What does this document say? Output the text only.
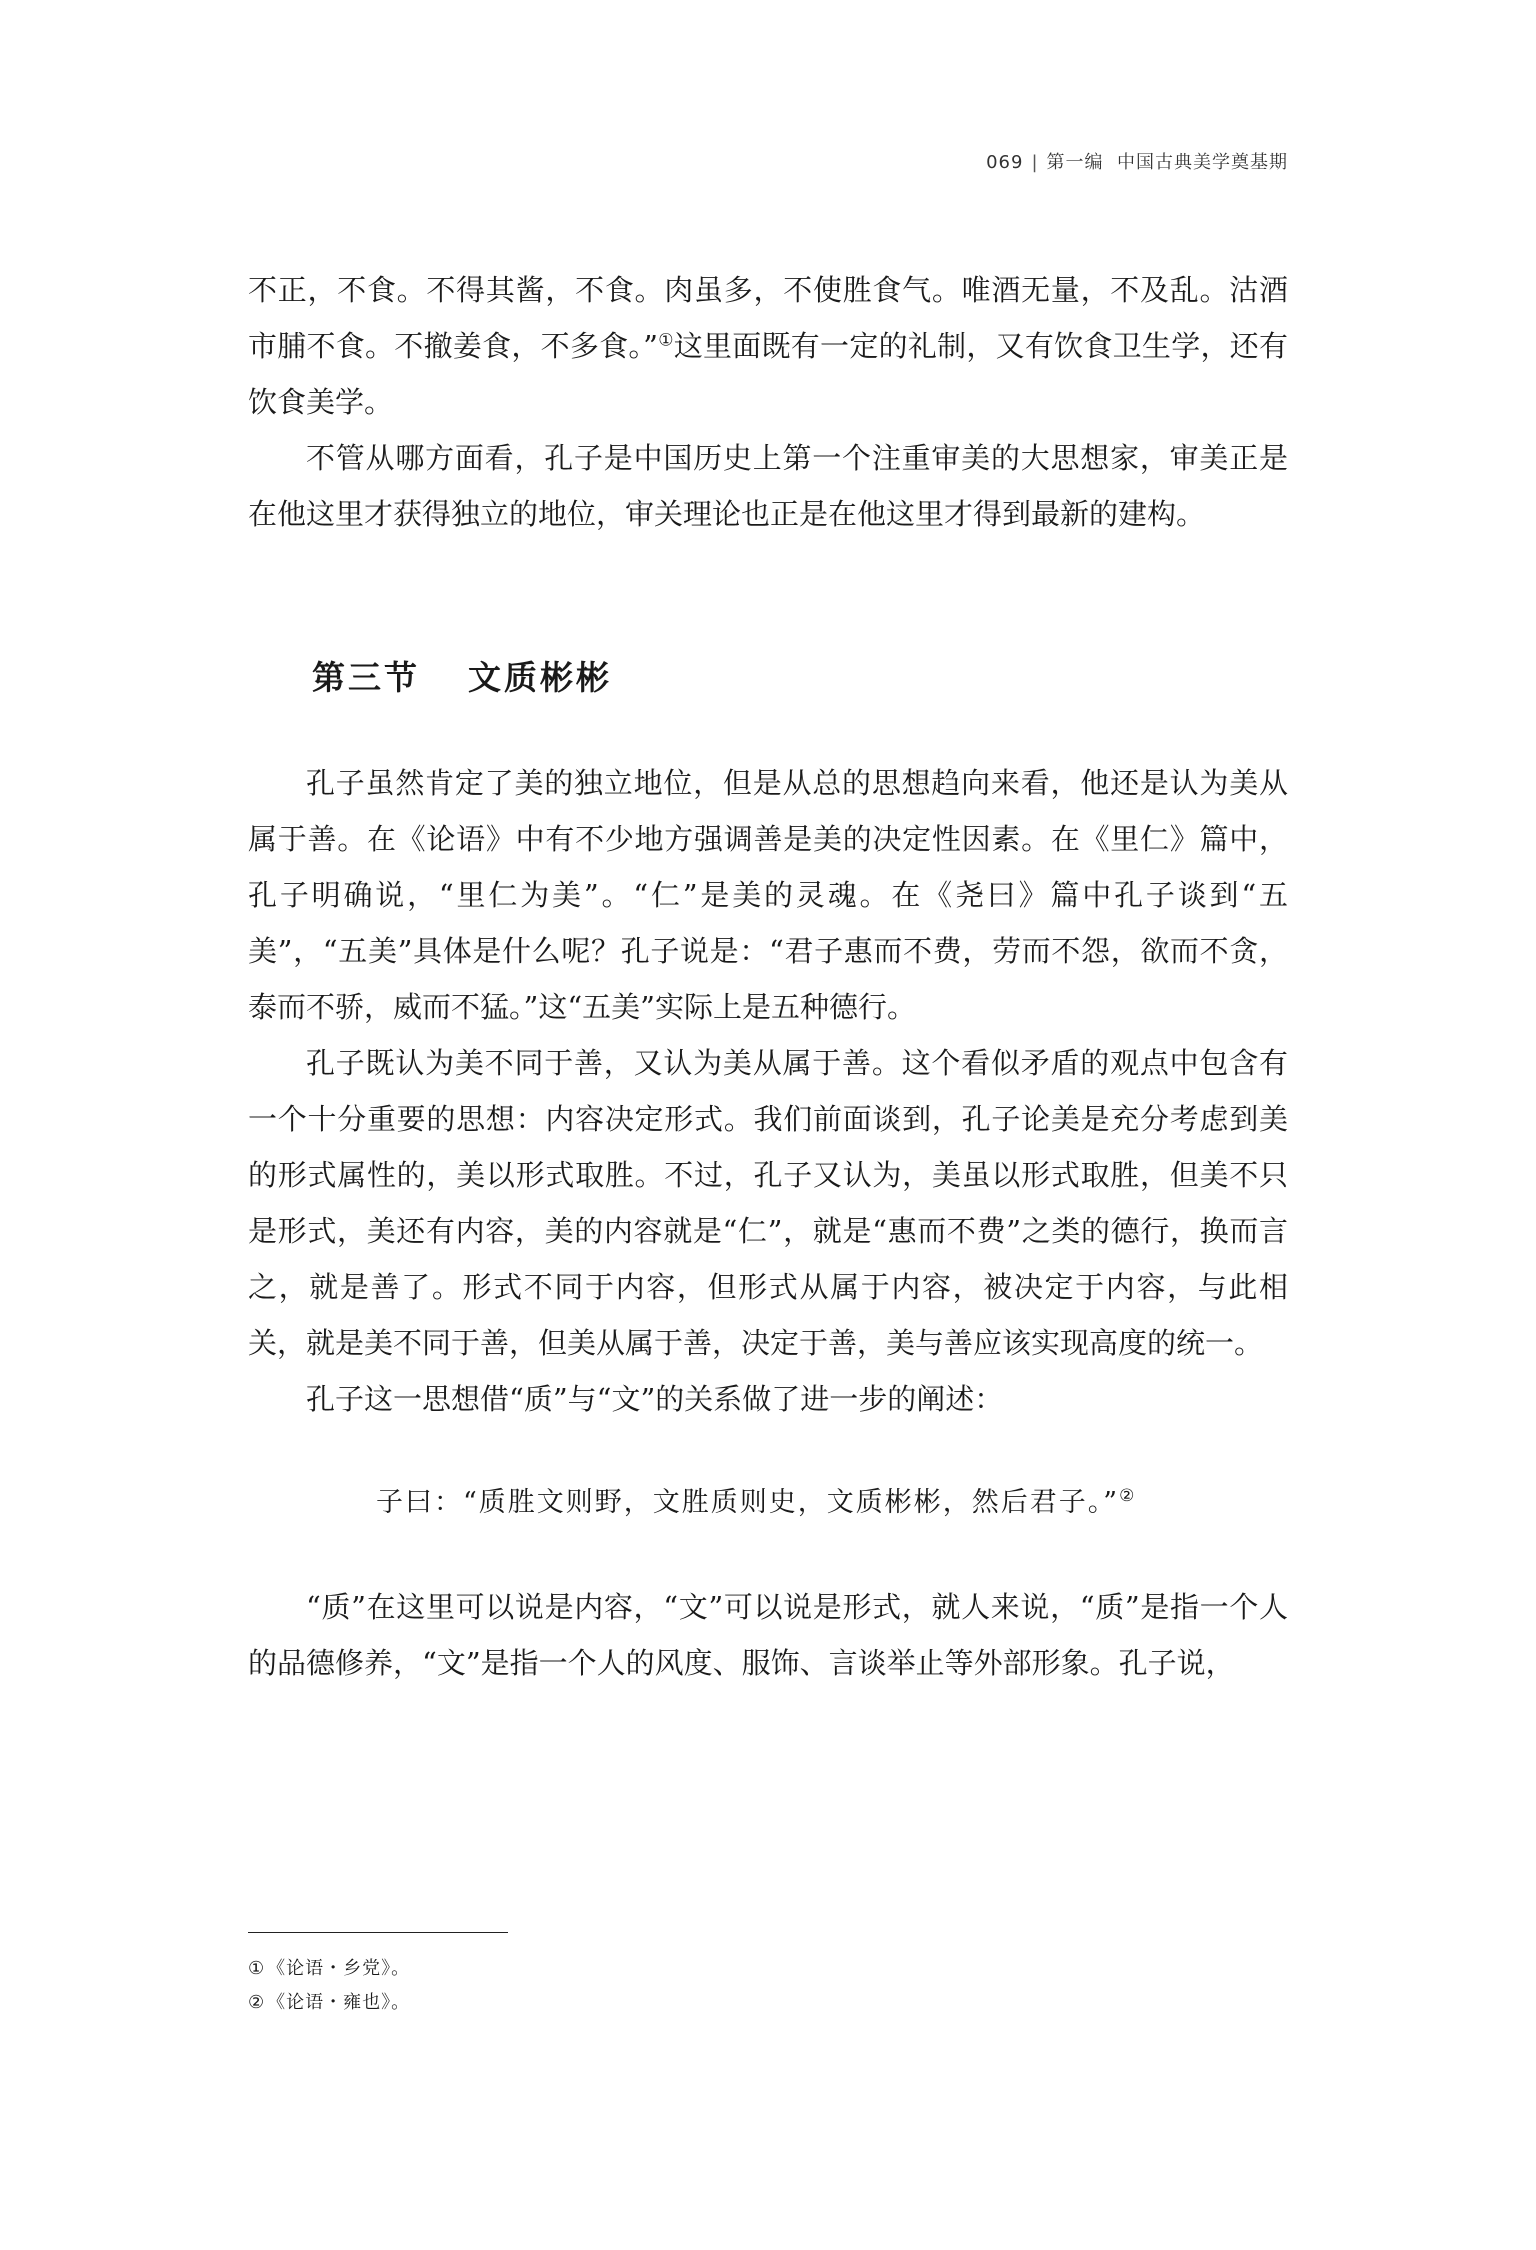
069 | 第一编 中国古典美学奠基期

不正，不食。不得其酱，不食。肉虽多，不使胜食气。唯酒无量，不及乱。沽酒市脯不食。不撤姜食，不多食。”①这里面既有一定的礼制，又有饮食卫生学，还有饮食美学。

不管从哪方面看，孔子是中国历史上第一个注重审美的大思想家，审美正是在他这里才获得独立的地位，审关理论也正是在他这里才得到最新的建构。

第三节 文质彬彬

孔子虽然肯定了美的独立地位，但是从总的思想趋向来看，他还是认为美从属于善。在《论语》中有不少地方强调善是美的决定性因素。在《里仁》篇中，孔子明确说，“里仁为美”。“仁”是美的灵魂。在《尧曰》篇中孔子谈到“五美”，“五美”具体是什么呢？孔子说是：“君子惠而不费，劳而不怨，欲而不贪，泰而不骄，威而不猛。”这“五美”实际上是五种德行。

孔子既认为美不同于善，又认为美从属于善。这个看似矛盾的观点中包含有一个十分重要的思想：内容决定形式。我们前面谈到，孔子论美是充分考虑到美的形式属性的，美以形式取胜。不过，孔子又认为，美虽以形式取胜，但美不只是形式，美还有内容，美的内容就是“仁”，就是“惠而不费”之类的德行，换而言之，就是善了。形式不同于内容，但形式从属于内容，被决定于内容，与此相关，就是美不同于善，但美从属于善，决定于善，美与善应该实现高度的统一。

孔子这一思想借“质”与“文”的关系做了进一步的阐述：

子曰：“质胜文则野，文胜质则史，文质彬彬，然后君子。”②

“质”在这里可以说是内容，“文”可以说是形式，就人来说，“质”是指一个人的品德修养，“文”是指一个人的风度、服饰、言谈举止等外部形象。孔子说，

① 《论语・乡党》。
② 《论语・雍也》。
